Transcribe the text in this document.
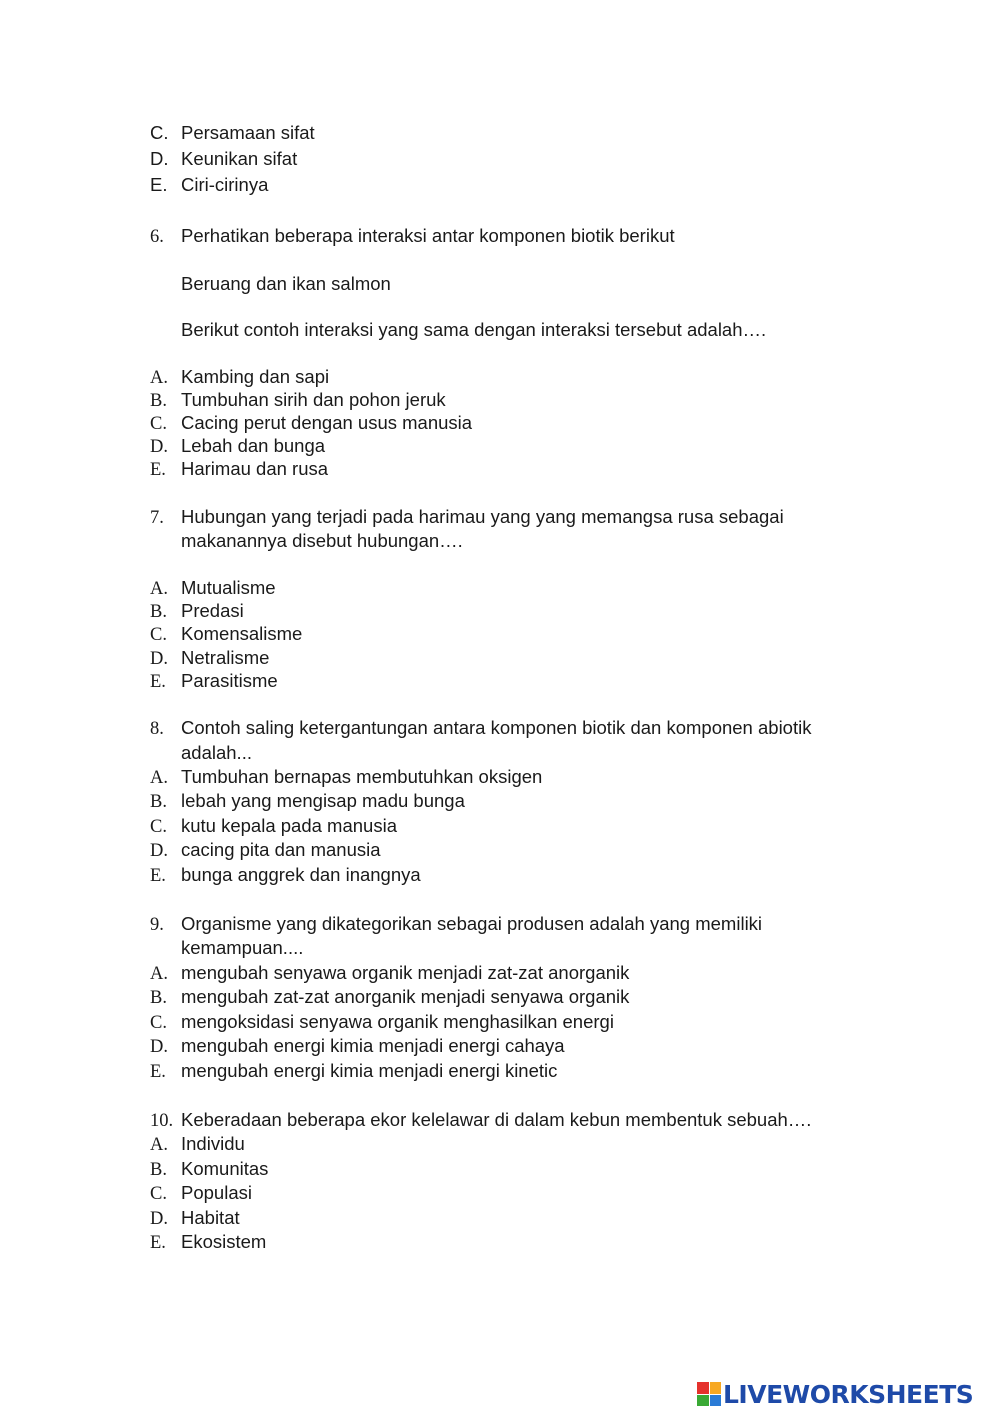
C. Persamaan sifat
D. Keunikan sifat
E. Ciri-cirinya
6. Perhatikan beberapa interaksi antar komponen biotik berikut
Beruang dan ikan salmon
Berikut contoh interaksi yang sama dengan interaksi tersebut adalah….
A. Kambing dan sapi
B. Tumbuhan sirih dan pohon jeruk
C. Cacing perut dengan usus manusia
D. Lebah dan bunga
E. Harimau dan rusa
7. Hubungan yang terjadi pada harimau yang yang memangsa rusa sebagai
makanannya disebut hubungan….
A. Mutualisme
B. Predasi
C. Komensalisme
D. Netralisme
E. Parasitisme
8. Contoh saling ketergantungan antara komponen biotik dan komponen abiotik
adalah...
A. Tumbuhan bernapas membutuhkan oksigen
B. lebah yang mengisap madu bunga
C. kutu kepala pada manusia
D. cacing pita dan manusia
E. bunga anggrek dan inangnya
9. Organisme yang dikategorikan sebagai produsen adalah yang memiliki
kemampuan....
A. mengubah senyawa organik menjadi zat-zat anorganik
B. mengubah zat-zat anorganik menjadi senyawa organik
C. mengoksidasi senyawa organik menghasilkan energi
D. mengubah energi kimia menjadi energi cahaya
E. mengubah energi kimia menjadi energi kinetic
10. Keberadaan beberapa ekor kelelawar di dalam kebun membentuk sebuah….
A. Individu
B. Komunitas
C. Populasi
D. Habitat
E. Ekosistem
LIVEWORKSHEETS
